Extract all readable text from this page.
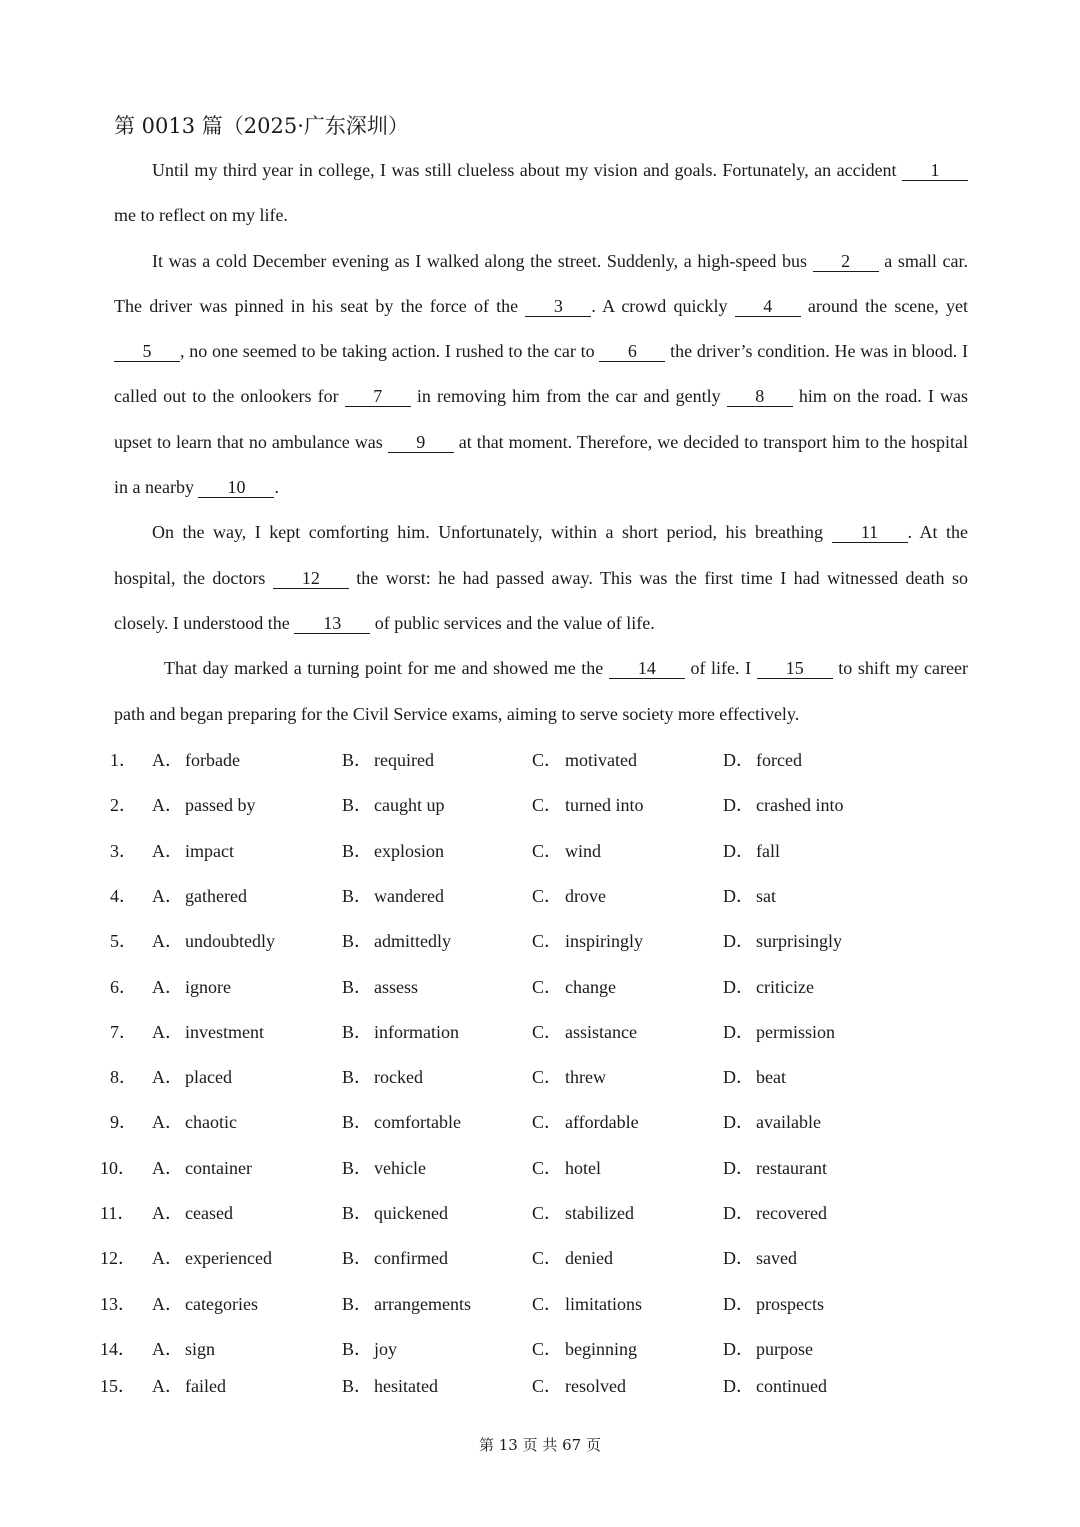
第 0013 篇（2025·广东深圳）

Until my third year in college, I was still clueless about my vision and goals. Fortunately, an accident 1 me to reflect on my life.

It was a cold December evening as I walked along the street. Suddenly, a high-speed bus 2 a small car. The driver was pinned in his seat by the force of the 3 . A crowd quickly 4 around the scene, yet 5 , no one seemed to be taking action. I rushed to the car to 6 the driver’s condition. He was in blood. I called out to the onlookers for 7 in removing him from the car and gently 8 him on the road. I was upset to learn that no ambulance was 9 at that moment. Therefore, we decided to transport him to the hospital in a nearby 10 .

On the way, I kept comforting him. Unfortunately, within a short period, his breathing 11 . At the hospital, the doctors 12 the worst: he had passed away. This was the first time I had witnessed death so closely. I understood the 13 of public services and the value of life.

That day marked a turning point for me and showed me the 14 of life. I 15 to shift my career path and began preparing for the Civil Service exams, aiming to serve society more effectively.

1． A． forbade	B． required	C． motivated	D． forced
2． A． passed by	B． caught up	C． turned into	D． crashed into
3． A． impact	B． explosion	C． wind	D． fall
4． A． gathered	B． wandered	C． drove	D． sat
5． A． undoubtedly	B． admittedly	C． inspiringly	D． surprisingly
6． A． ignore	B． assess	C． change	D． criticize
7． A． investment	B． information	C． assistance	D． permission
8． A． placed	B． rocked	C． threw	D． beat
9． A． chaotic	B． comfortable	C． affordable	D． available
10． A． container	B． vehicle	C． hotel	D． restaurant
11． A． ceased	B． quickened	C． stabilized	D． recovered
12． A． experienced	B． confirmed	C． denied	D． saved
13． A． categories	B． arrangements	C． limitations	D． prospects
14． A． sign	B． joy	C． beginning	D． purpose
15． A． failed	B． hesitated	C． resolved	D． continued
第 13 页 共 67 页
